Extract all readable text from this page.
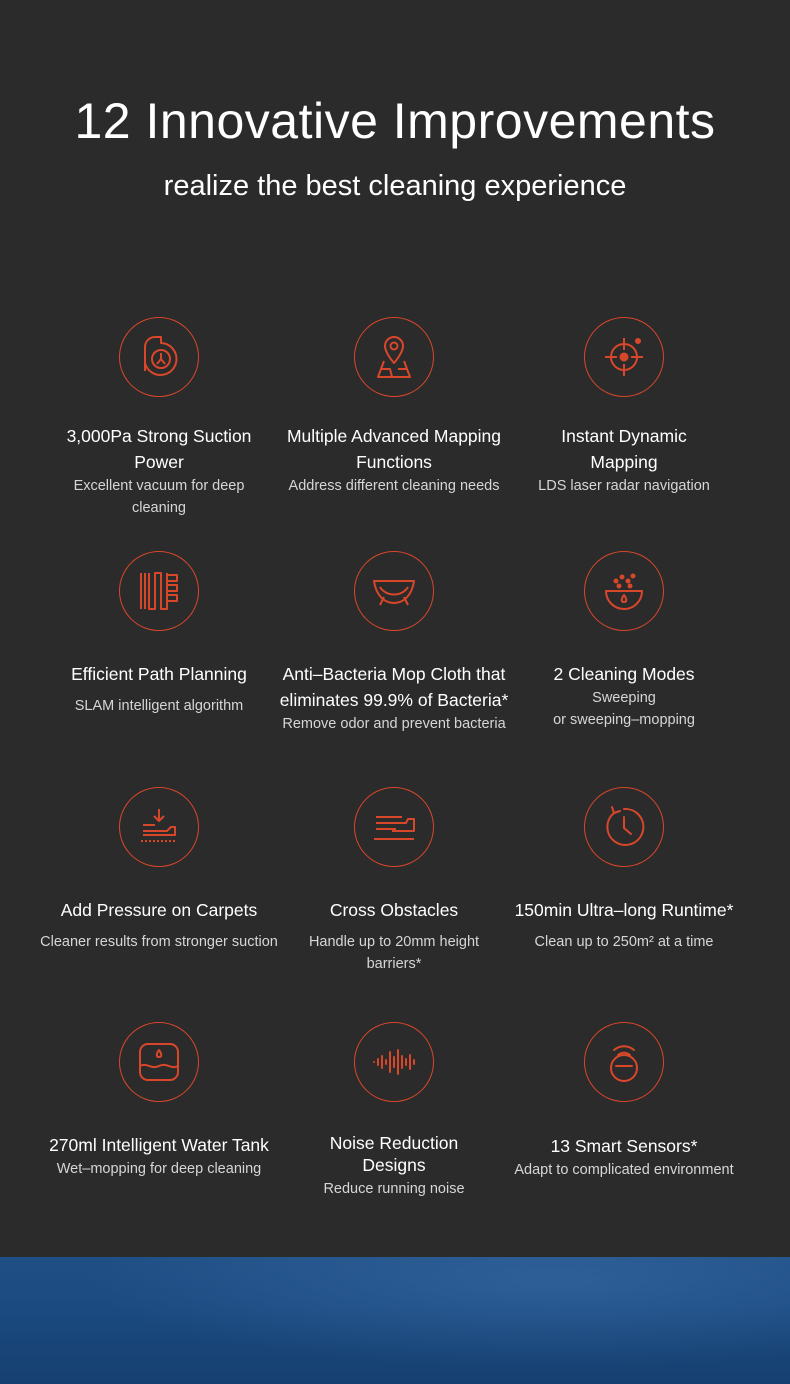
12 Innovative Improvements
realize the best cleaning experience

3,000Pa Strong Suction

Power

Excellent vacuum for deep

cleaning

Multiple Advanced Mapping

Functions

Address different cleaning needs

Instant Dynamic

Mapping

LDS laser radar navigation

Efficient Path Planning

SLAM intelligent algorithm

Anti–Bacteria Mop Cloth that

eliminates 99.9% of Bacteria*

Remove odor and prevent bacteria

2 Cleaning Modes

Sweeping

or sweeping–mopping

Add Pressure on Carpets

Cleaner results from stronger suction

Cross Obstacles

Handle up to 20mm height

barriers*

150min Ultra–long Runtime*

Clean up to 250m² at a time

270ml Intelligent Water Tank

Wet–mopping for deep cleaning

Noise Reduction

Designs

Reduce running noise

13 Smart Sensors*

Adapt to complicated environment
